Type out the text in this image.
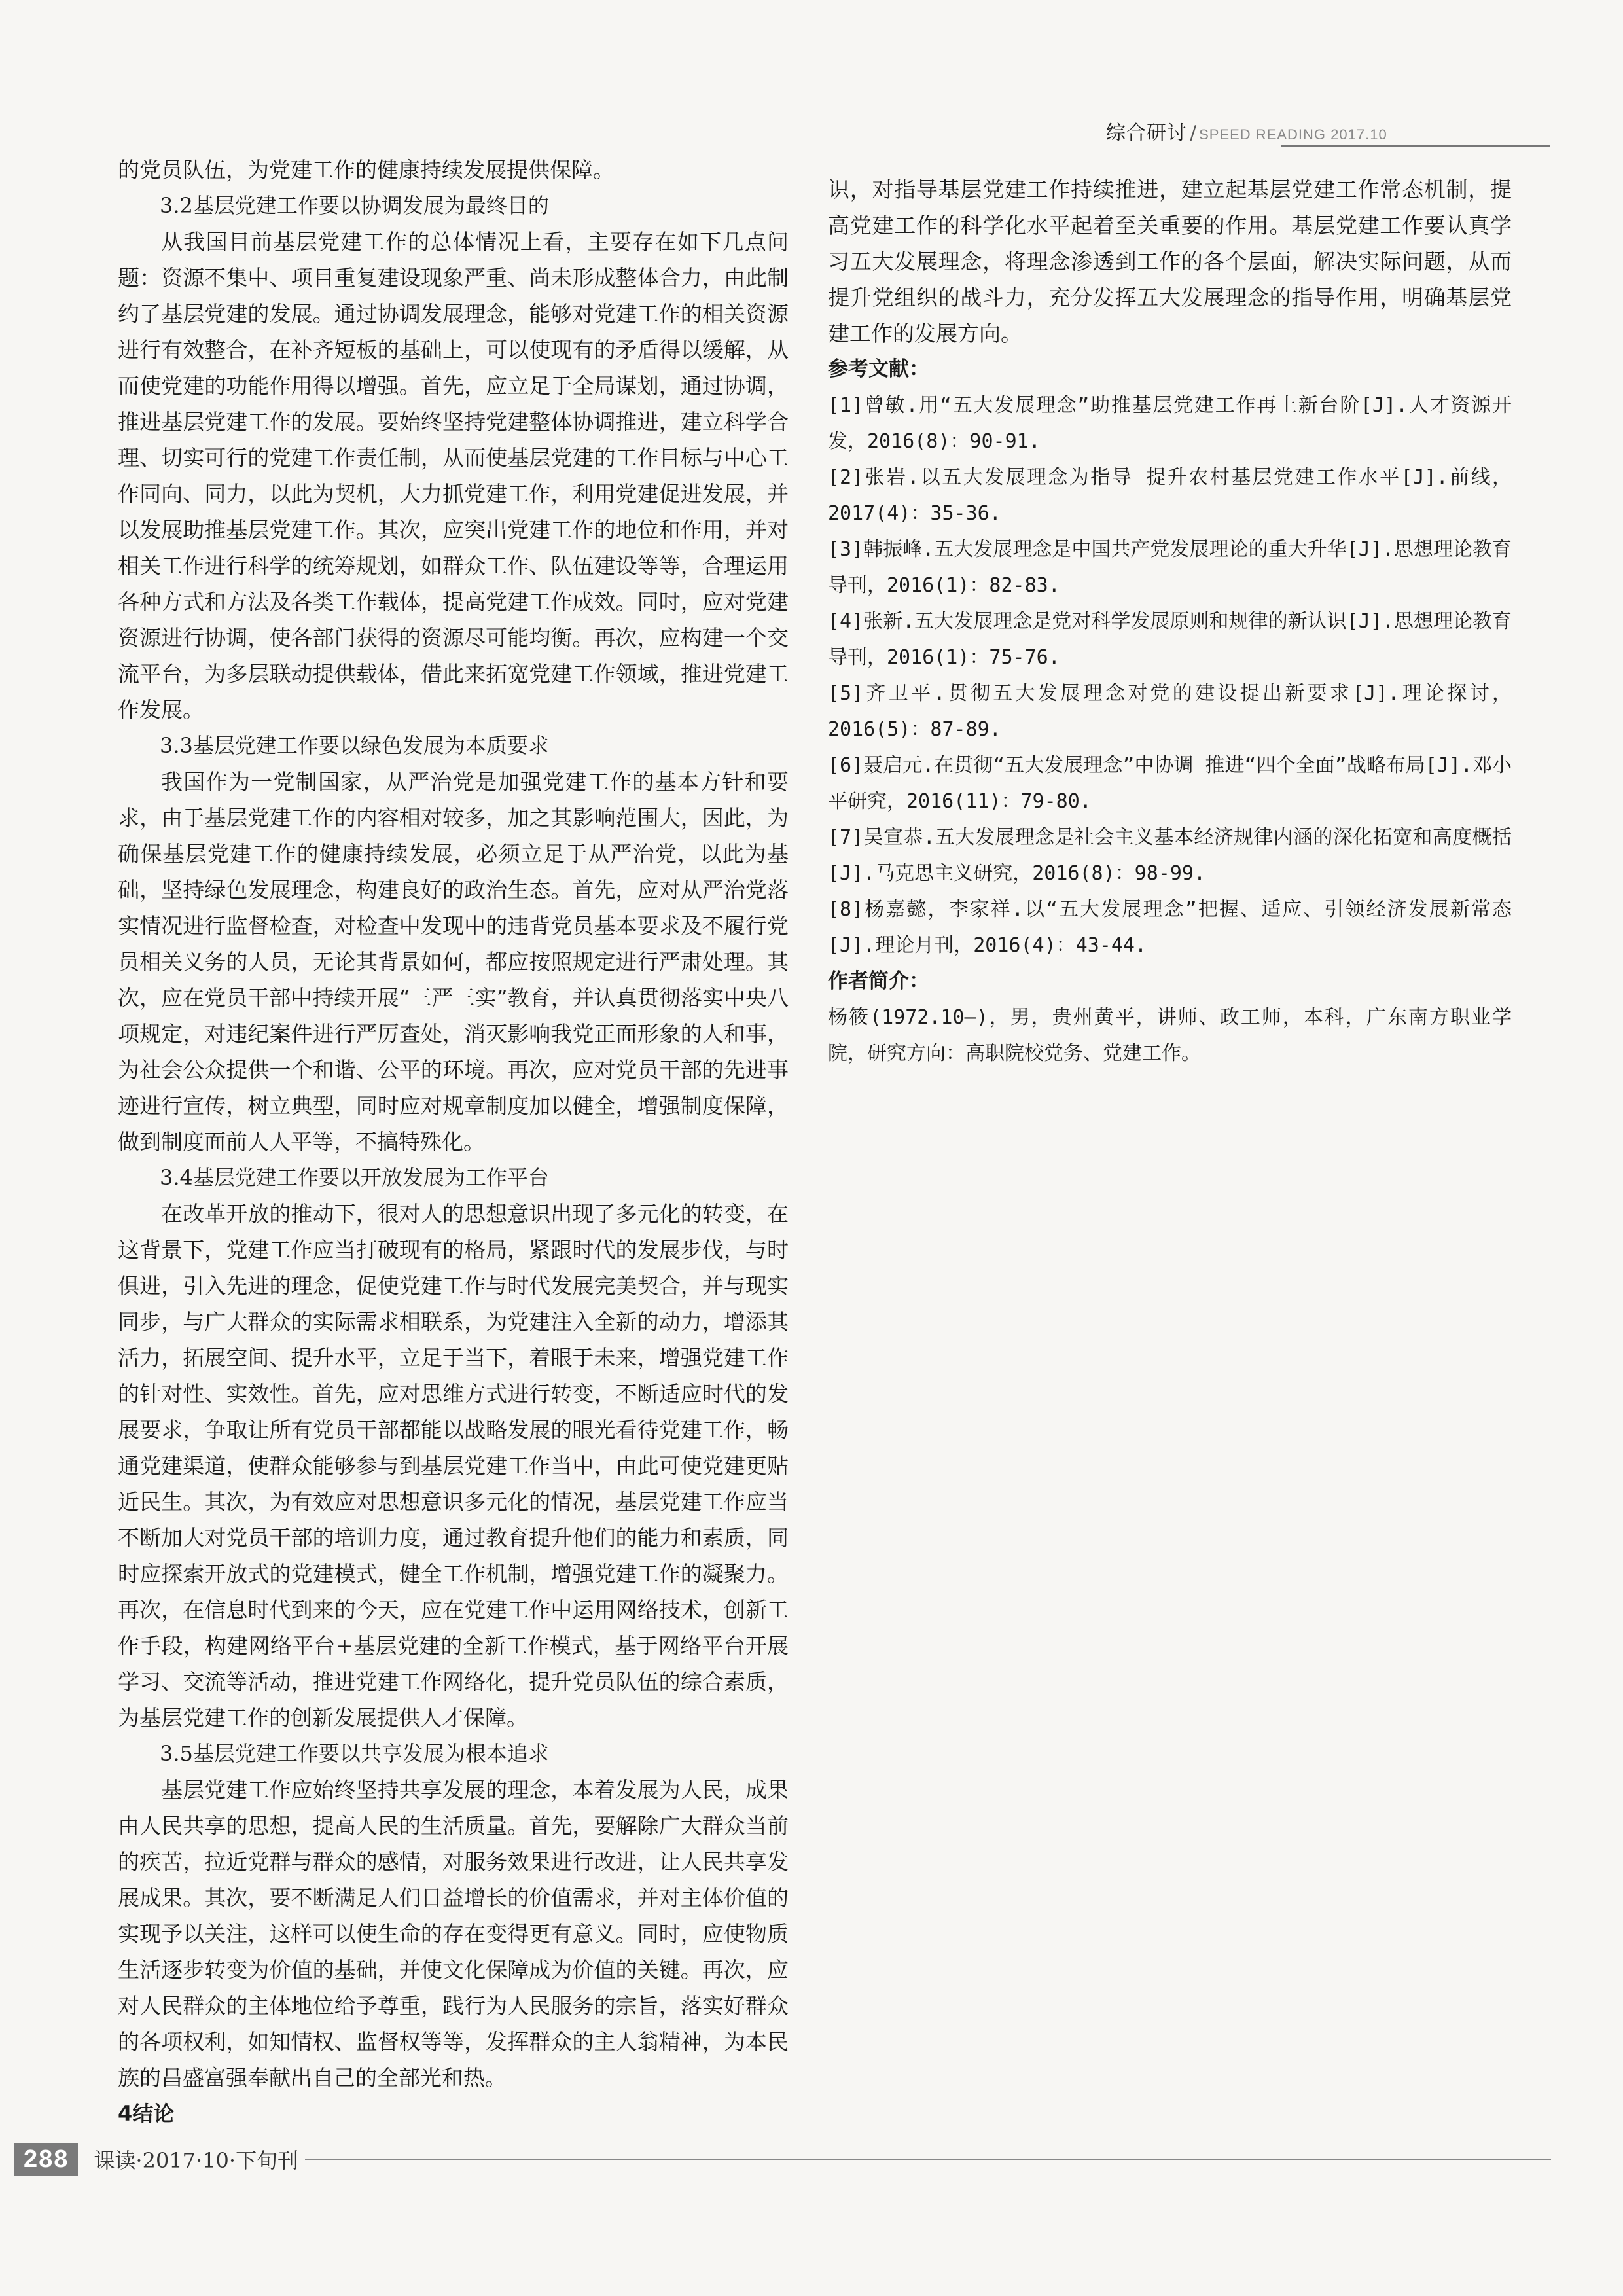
综合研讨 / SPEED READING 2017.10

的党员队伍，为党建工作的健康持续发展提供保障。

3.2基层党建工作要以协调发展为最终目的

从我国目前基层党建工作的总体情况上看，主要存在如下几点问题：资源不集中、项目重复建设现象严重、尚未形成整体合力，由此制约了基层党建的发展。通过协调发展理念，能够对党建工作的相关资源进行有效整合，在补齐短板的基础上，可以使现有的矛盾得以缓解，从而使党建的功能作用得以增强。首先，应立足于全局谋划，通过协调，推进基层党建工作的发展。要始终坚持党建整体协调推进，建立科学合理、切实可行的党建工作责任制，从而使基层党建的工作目标与中心工作同向、同力，以此为契机，大力抓党建工作，利用党建促进发展，并以发展助推基层党建工作。其次，应突出党建工作的地位和作用，并对相关工作进行科学的统筹规划，如群众工作、队伍建设等等，合理运用各种方式和方法及各类工作载体，提高党建工作成效。同时，应对党建资源进行协调，使各部门获得的资源尽可能均衡。再次，应构建一个交流平台，为多层联动提供载体，借此来拓宽党建工作领域，推进党建工作发展。

3.3基层党建工作要以绿色发展为本质要求

我国作为一党制国家，从严治党是加强党建工作的基本方针和要求，由于基层党建工作的内容相对较多，加之其影响范围大，因此，为确保基层党建工作的健康持续发展，必须立足于从严治党，以此为基础，坚持绿色发展理念，构建良好的政治生态。首先，应对从严治党落实情况进行监督检查，对检查中发现中的违背党员基本要求及不履行党员相关义务的人员，无论其背景如何，都应按照规定进行严肃处理。其次，应在党员干部中持续开展“三严三实”教育，并认真贯彻落实中央八项规定，对违纪案件进行严厉查处，消灭影响我党正面形象的人和事，为社会公众提供一个和谐、公平的环境。再次，应对党员干部的先进事迹进行宣传，树立典型，同时应对规章制度加以健全，增强制度保障，做到制度面前人人平等，不搞特殊化。

3.4基层党建工作要以开放发展为工作平台

在改革开放的推动下，很对人的思想意识出现了多元化的转变，在这背景下，党建工作应当打破现有的格局，紧跟时代的发展步伐，与时俱进，引入先进的理念，促使党建工作与时代发展完美契合，并与现实同步，与广大群众的实际需求相联系，为党建注入全新的动力，增添其活力，拓展空间、提升水平，立足于当下，着眼于未来，增强党建工作的针对性、实效性。首先，应对思维方式进行转变，不断适应时代的发展要求，争取让所有党员干部都能以战略发展的眼光看待党建工作，畅通党建渠道，使群众能够参与到基层党建工作当中，由此可使党建更贴近民生。其次，为有效应对思想意识多元化的情况，基层党建工作应当不断加大对党员干部的培训力度，通过教育提升他们的能力和素质，同时应探索开放式的党建模式，健全工作机制，增强党建工作的凝聚力。再次，在信息时代到来的今天，应在党建工作中运用网络技术，创新工作手段，构建网络平台+基层党建的全新工作模式，基于网络平台开展学习、交流等活动，推进党建工作网络化，提升党员队伍的综合素质，为基层党建工作的创新发展提供人才保障。

3.5基层党建工作要以共享发展为根本追求

基层党建工作应始终坚持共享发展的理念，本着发展为人民，成果由人民共享的思想，提高人民的生活质量。首先，要解除广大群众当前的疾苦，拉近党群与群众的感情，对服务效果进行改进，让人民共享发展成果。其次，要不断满足人们日益增长的价值需求，并对主体价值的实现予以关注，这样可以使生命的存在变得更有意义。同时，应使物质生活逐步转变为价值的基础，并使文化保障成为价值的关键。再次，应对人民群众的主体地位给予尊重，践行为人民服务的宗旨，落实好群众的各项权利，如知情权、监督权等等，发挥群众的主人翁精神，为本民族的昌盛富强奉献出自己的全部光和热。

4结论

识，对指导基层党建工作持续推进，建立起基层党建工作常态机制，提高党建工作的科学化水平起着至关重要的作用。基层党建工作要认真学习五大发展理念，将理念渗透到工作的各个层面，解决实际问题，从而提升党组织的战斗力，充分发挥五大发展理念的指导作用，明确基层党建工作的发展方向。

参考文献：

[1]曾敏.用“五大发展理念”助推基层党建工作再上新台阶[J].人才资源开发，2016(8)：90-91.

[2]张岩.以五大发展理念为指导 提升农村基层党建工作水平[J].前线，2017(4)：35-36.

[3]韩振峰.五大发展理念是中国共产党发展理论的重大升华[J].思想理论教育导刊，2016(1)：82-83.

[4]张新.五大发展理念是党对科学发展原则和规律的新认识[J].思想理论教育导刊，2016(1)：75-76.

[5]齐卫平.贯彻五大发展理念对党的建设提出新要求[J].理论探讨，2016(5)：87-89.

[6]聂启元.在贯彻“五大发展理念”中协调 推进“四个全面”战略布局[J].邓小平研究，2016(11)：79-80.

[7]吴宣恭.五大发展理念是社会主义基本经济规律内涵的深化拓宽和高度概括[J].马克思主义研究，2016(8)：98-99.

[8]杨嘉懿，李家祥.以“五大发展理念”把握、适应、引领经济发展新常态[J].理论月刊，2016(4)：43-44.

作者简介：

杨筱(1972.10—)，男，贵州黄平，讲师、政工师，本科，广东南方职业学院，研究方向：高职院校党务、党建工作。

288	课读·2017·10·下旬刊
